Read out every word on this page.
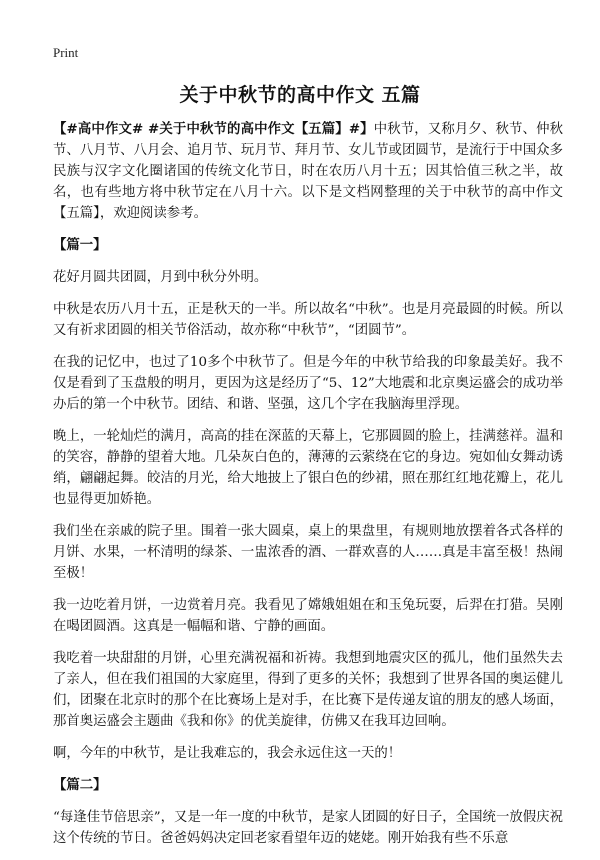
Print
关于中秋节的高中作文 五篇

【#高中作文# #关于中秋节的高中作文【五篇】#】中秋节，又称月夕、秋节、仲秋节、八月节、八月会、追月节、玩月节、拜月节、女儿节或团圆节，是流行于中国众多民族与汉字文化圈诸国的传统文化节日，时在农历八月十五；因其恰值三秋之半，故名，也有些地方将中秋节定在八月十六。以下是文档网整理的关于中秋节的高中作文【五篇】，欢迎阅读参考。

【篇一】

花好月圆共团圆，月到中秋分外明。

中秋是农历八月十五，正是秋天的一半。所以故名“中秋”。也是月亮最圆的时候。所以又有祈求团圆的相关节俗活动，故亦称“中秋节”，“团圆节”。

在我的记忆中，也过了10多个中秋节了。但是今年的中秋节给我的印象最美好。我不仅是看到了玉盘般的明月，更因为这是经历了“5、12”大地震和北京奥运盛会的成功举办后的第一个中秋节。团结、和谐、坚强，这几个字在我脑海里浮现。

晚上，一轮灿烂的满月，高高的挂在深蓝的天幕上，它那圆圆的脸上，挂满慈祥。温和的笑容，静静的望着大地。几朵灰白色的，薄薄的云萦绕在它的身边。宛如仙女舞动诱绡，翩翩起舞。皎洁的月光，给大地披上了银白色的纱裙，照在那红红地花瓣上，花儿也显得更加娇艳。

我们坐在亲戚的院子里。围着一张大圆桌，桌上的果盘里，有规则地放摆着各式各样的月饼、水果，一杯清明的绿茶、一盅浓香的酒、一群欢喜的人……真是丰富至极！热闹至极！

我一边吃着月饼，一边赏着月亮。我看见了嫦娥姐姐在和玉兔玩耍，后羿在打猎。吴刚在喝团圆酒。这真是一幅幅和谐、宁静的画面。

我吃着一块甜甜的月饼，心里充满祝福和祈祷。我想到地震灾区的孤儿，他们虽然失去了亲人，但在我们祖国的大家庭里，得到了更多的关怀；我想到了世界各国的奥运健儿们，团聚在北京时的那个在比赛场上是对手，在比赛下是传递友谊的朋友的感人场面，那首奥运盛会主题曲《我和你》的优美旋律，仿佛又在我耳边回响。

啊，今年的中秋节，是让我难忘的，我会永远住这一天的！

【篇二】

“每逢佳节倍思亲”，又是一年一度的中秋节，是家人团圆的好日子，全国统一放假庆祝这个传统的节日。爸爸妈妈决定回老家看望年迈的姥姥。刚开始我有些不乐意
